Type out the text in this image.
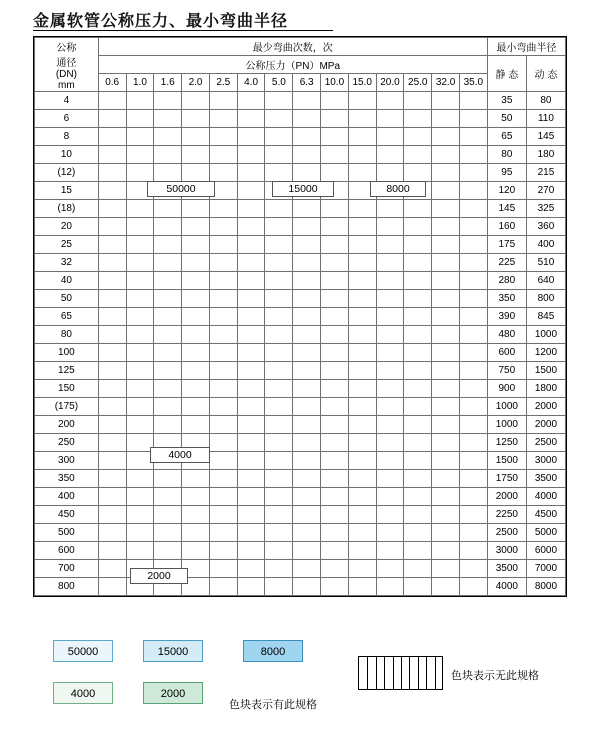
金属软管公称压力、最小弯曲半径
公称
通径
(DN)
mm	最少弯曲次数，次														最小弯曲半径	
	公称压力（PN）MPa														静 态	动 态
	0.6	1.0	1.6	2.0	2.5	4.0	5.0	6.3	10.0	15.0	20.0	25.0	32.0	35.0		
4															35	80
6															50	110
8															65	145
10															80	180
(12)															95	215
15															120	270
(18)															145	325
20															160	360
25															175	400
32															225	510
40															280	640
50															350	800
65															390	845
80															480	1000
100															600	1200
125															750	1500
150															900	1800
(175)															1000	2000
200															1000	2000
250															1250	2500
300															1500	3000
350															1750	3500
400															2000	4000
450															2250	4500
500															2500	5000
600															3000	6000
700															3500	7000
800															4000	8000
50000	15000	8000
4000
2000
50000	15000	8000
4000	2000
色块表示有此规格
色块表示无此规格
